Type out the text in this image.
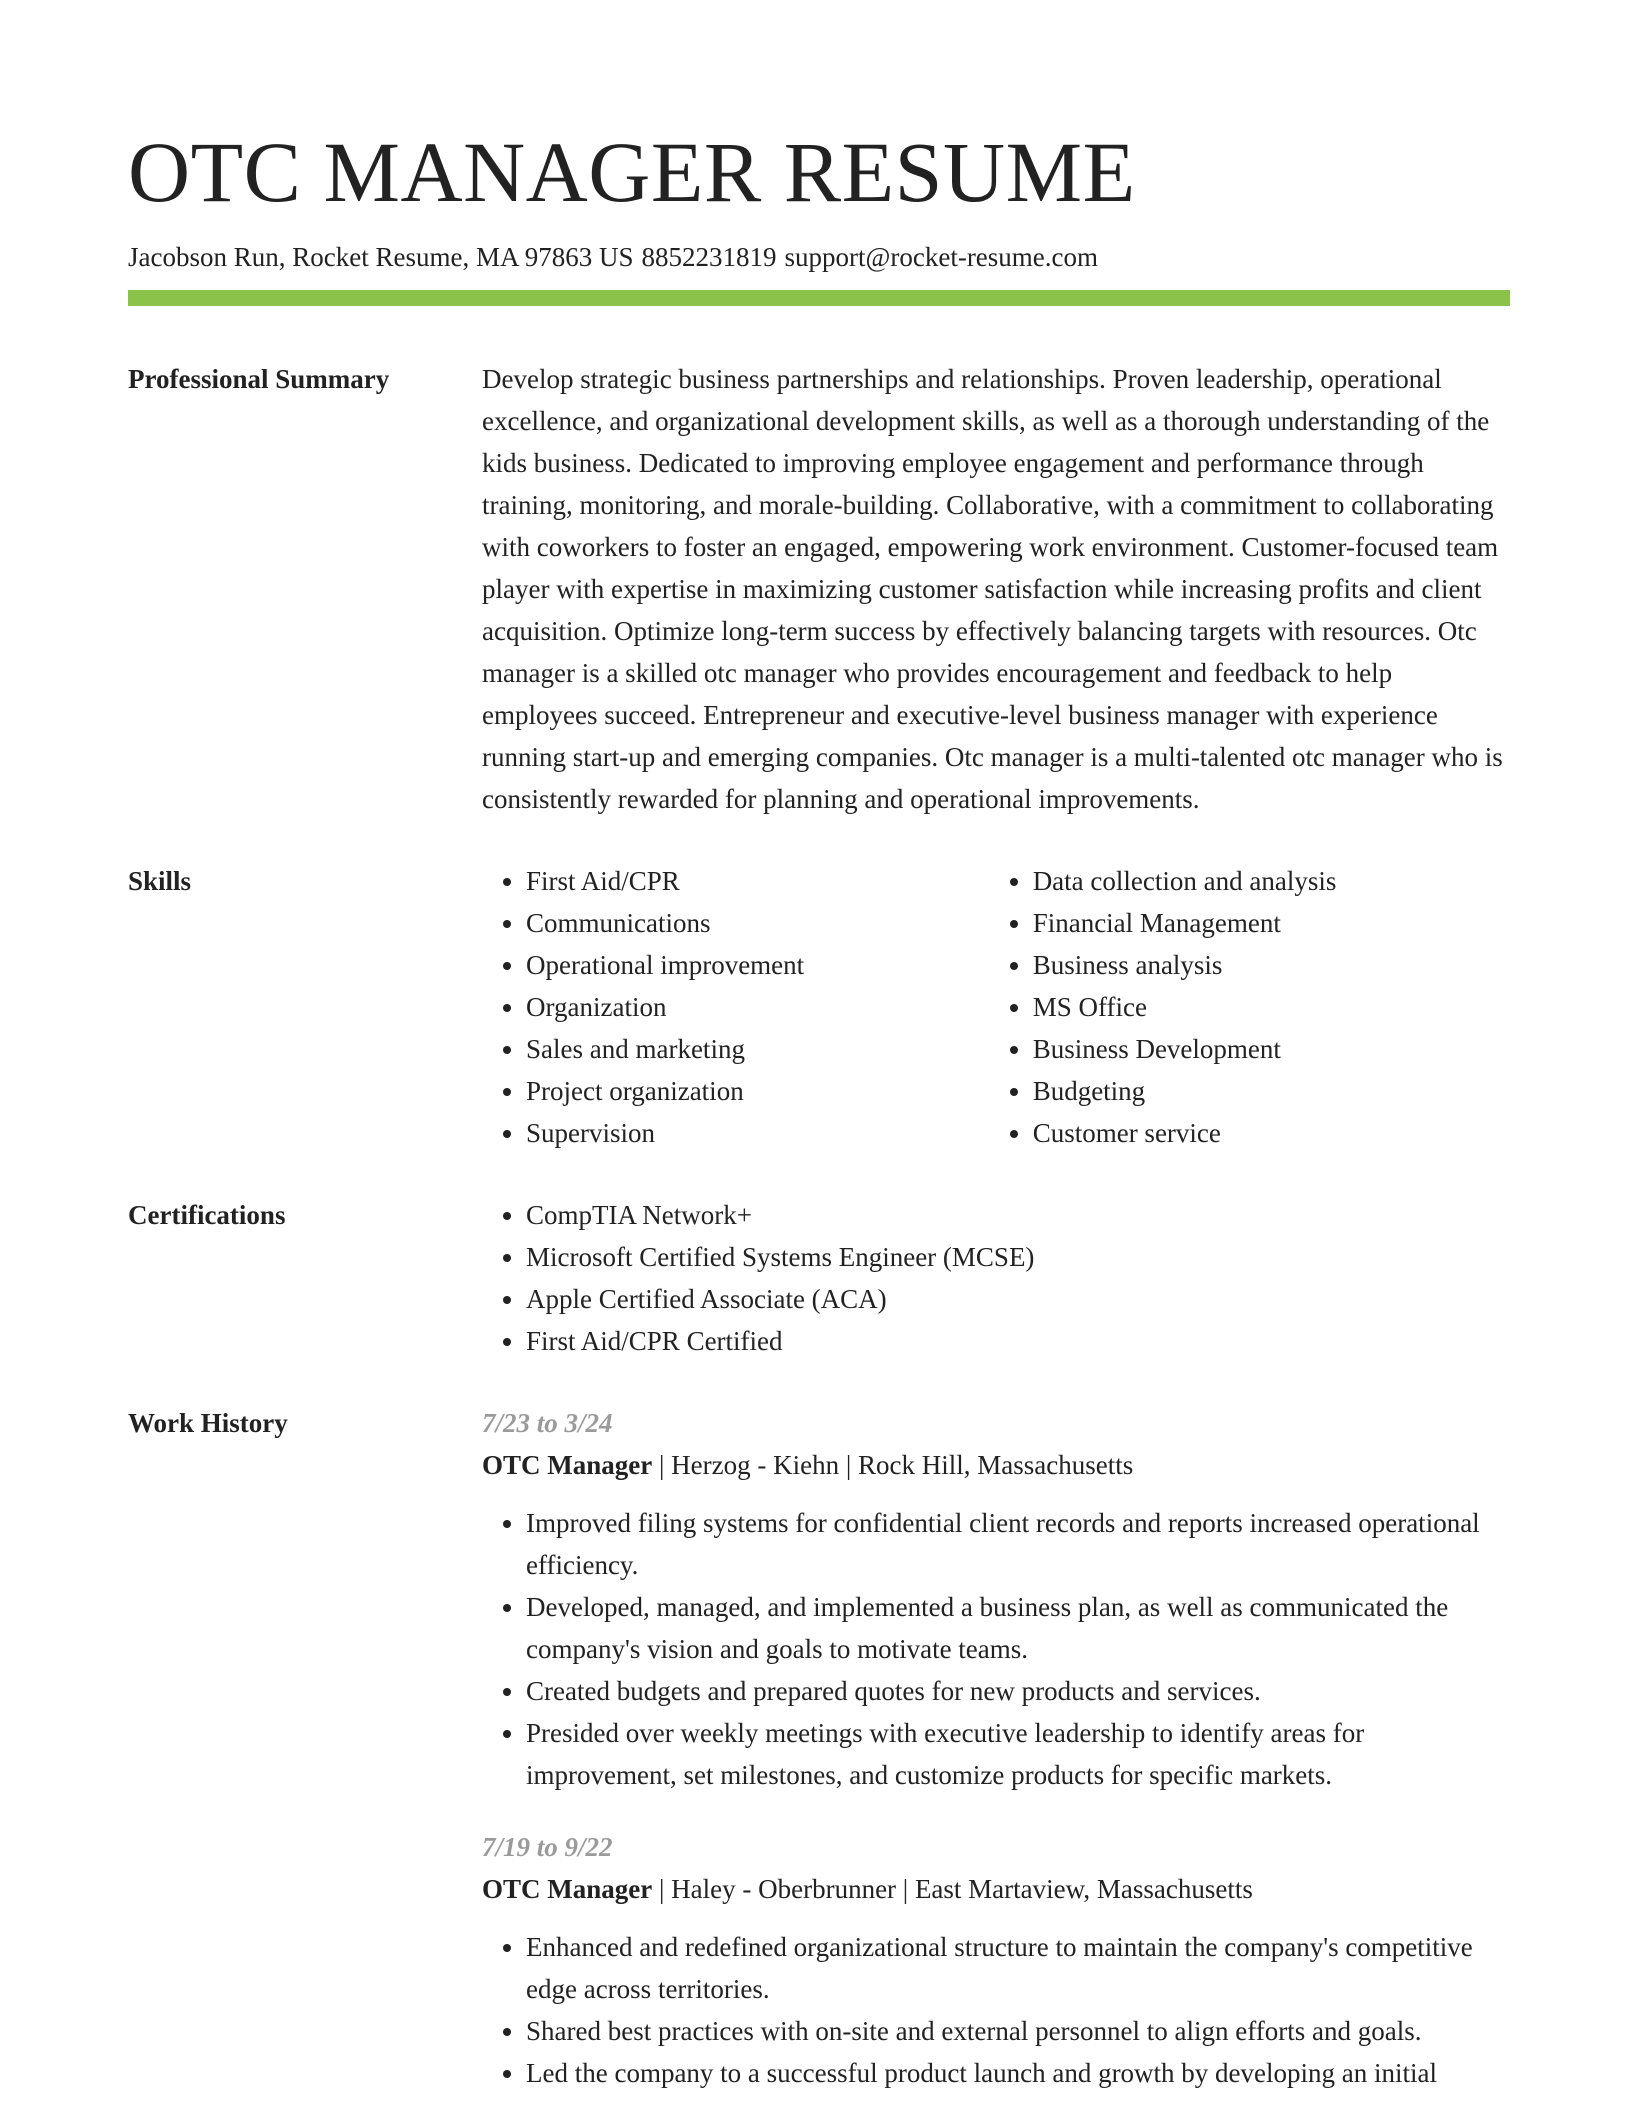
OTC MANAGER RESUME
Jacobson Run, Rocket Resume, MA 97863 US 8852231819 support@rocket-resume.com
Professional Summary	Develop strategic business partnerships and relationships. Proven leadership, operational excellence, and organizational development skills, as well as a thorough understanding of the kids business. Dedicated to improving employee engagement and performance through training, monitoring, and morale-building. Collaborative, with a commitment to collaborating with coworkers to foster an engaged, empowering work environment. Customer-focused team player with expertise in maximizing customer satisfaction while increasing profits and client acquisition. Optimize long-term success by effectively balancing targets with resources. Otc manager is a skilled otc manager who provides encouragement and feedback to help employees succeed. Entrepreneur and executive-level business manager with experience running start-up and emerging companies. Otc manager is a multi-talented otc manager who is consistently rewarded for planning and operational improvements.

Skills	• First Aid/CPR
• Communications
• Operational improvement
• Organization
• Sales and marketing
• Project organization
• Supervision
• Data collection and analysis
• Financial Management
• Business analysis
• MS Office
• Business Development
• Budgeting
• Customer service
Certifications	• CompTIA Network+
• Microsoft Certified Systems Engineer (MCSE)
• Apple Certified Associate (ACA)
• First Aid/CPR Certified
Work History	7/23 to 3/24
OTC Manager | Herzog - Kiehn | Rock Hill, Massachusetts
• Improved filing systems for confidential client records and reports increased operational efficiency.
• Developed, managed, and implemented a business plan, as well as communicated the company's vision and goals to motivate teams.
• Created budgets and prepared quotes for new products and services.
• Presided over weekly meetings with executive leadership to identify areas for improvement, set milestones, and customize products for specific markets.
7/19 to 9/22
OTC Manager | Haley - Oberbrunner | East Martaview, Massachusetts
• Enhanced and redefined organizational structure to maintain the company's competitive edge across territories.
• Shared best practices with on-site and external personnel to align efforts and goals.
• Led the company to a successful product launch and growth by developing an initial
